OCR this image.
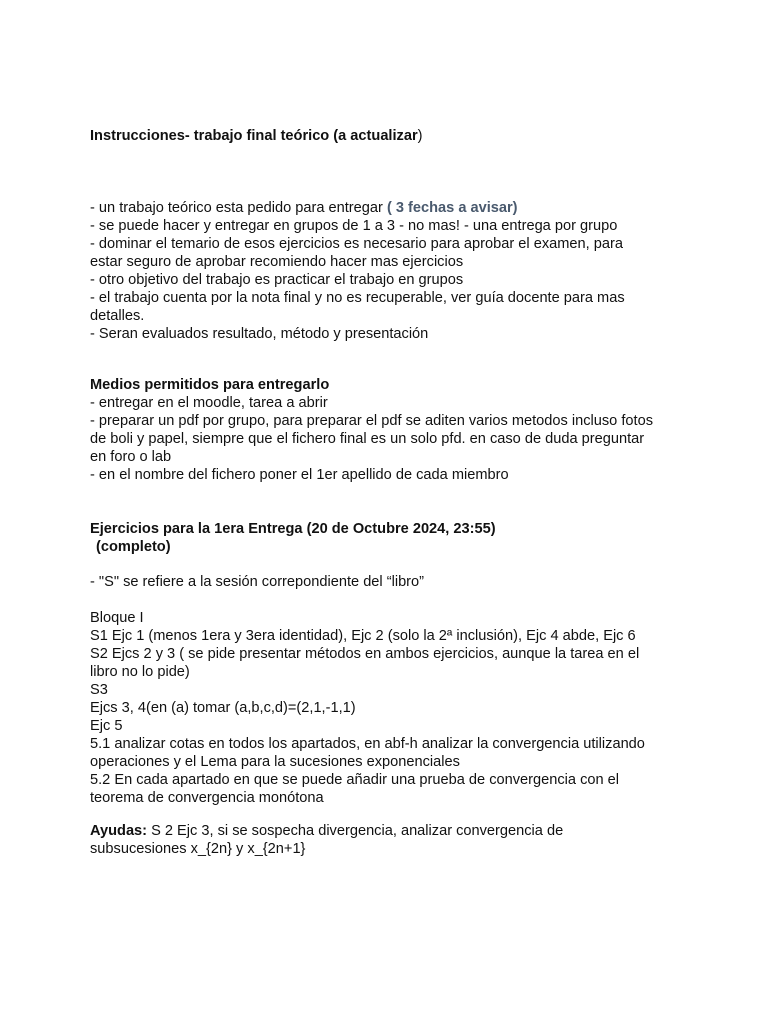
Instrucciones- trabajo final teórico (a actualizar)
- un trabajo teórico esta pedido para entregar ( 3 fechas a avisar)
- se puede hacer y entregar en grupos de 1 a 3 - no mas! - una entrega por grupo
- dominar el temario de esos ejercicios es necesario para aprobar el examen, para
estar seguro de aprobar recomiendo hacer mas ejercicios
- otro objetivo del trabajo es practicar el trabajo en grupos
- el trabajo cuenta por la nota final y no es recuperable, ver guía docente para mas
detalles.
- Seran evaluados resultado, método y presentación
Medios permitidos para entregarlo
- entregar en el moodle, tarea a abrir
- preparar un pdf por grupo, para preparar el pdf se aditen varios metodos incluso fotos
de boli y papel, siempre que el fichero final es un solo pfd. en caso de duda preguntar
en foro o lab
- en el nombre del fichero poner el 1er apellido de cada miembro
Ejercicios para la 1era Entrega (20 de Octubre 2024, 23:55)
(completo)
- "S" se refiere a la sesión correpondiente del “libro”
Bloque I
S1 Ejc 1 (menos 1era y 3era identidad), Ejc 2 (solo la 2ª inclusión), Ejc 4 abde, Ejc 6
S2 Ejcs 2 y 3 ( se pide presentar métodos en ambos ejercicios, aunque la tarea en el
libro no lo pide)
S3
Ejcs 3, 4(en (a) tomar (a,b,c,d)=(2,1,-1,1)
Ejc 5
5.1 analizar cotas en todos los apartados, en abf-h analizar la convergencia utilizando
operaciones y el Lema para la sucesiones exponenciales
5.2 En cada apartado en que se puede añadir una prueba de convergencia con el
teorema de convergencia monótona
Ayudas: S 2 Ejc 3, si se sospecha divergencia, analizar convergencia de
subsucesiones x_{2n} y x_{2n+1}
